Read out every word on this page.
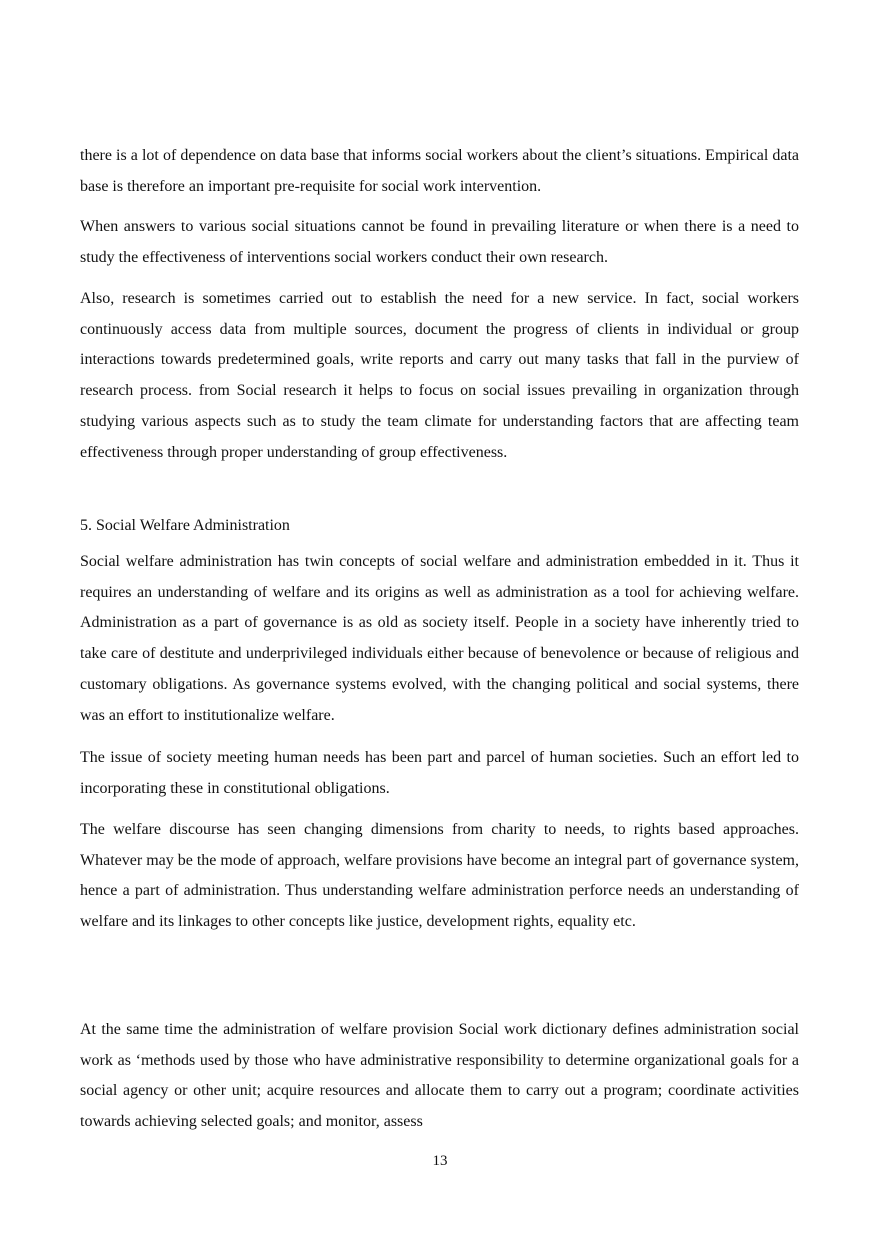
there is a lot of dependence on data base that informs social workers about the client’s situations. Empirical data base is therefore an important pre-requisite for social work intervention.

When answers to various social situations cannot be found in prevailing literature or when there is a need to study the effectiveness of interventions social workers conduct their own research.

Also, research is sometimes carried out to establish the need for a new service. In fact, social workers continuously access data from multiple sources, document the progress of clients in individual or group interactions towards predetermined goals, write reports and carry out many tasks that fall in the purview of research process. from Social research it helps to focus on social issues prevailing in organization through studying various aspects such as to study the team climate for understanding factors that are affecting team effectiveness through proper understanding of group effectiveness.

5. Social Welfare Administration

Social welfare administration has twin concepts of social welfare and administration embedded in it. Thus it requires an understanding of welfare and its origins as well as administration as a tool for achieving welfare. Administration as a part of governance is as old as society itself. People in a society have inherently tried to take care of destitute and underprivileged individuals either because of benevolence or because of religious and customary obligations. As governance systems evolved, with the changing political and social systems, there was an effort to institutionalize welfare.

The issue of society meeting human needs has been part and parcel of human societies. Such an effort led to incorporating these in constitutional obligations.

The welfare discourse has seen changing dimensions from charity to needs, to rights based approaches. Whatever may be the mode of approach, welfare provisions have become an integral part of governance system, hence a part of administration. Thus understanding welfare administration perforce needs an understanding of welfare and its linkages to other concepts like justice, development rights, equality etc.

At the same time the administration of welfare provision Social work dictionary defines administration social work as ‘methods used by those who have administrative responsibility to determine organizational goals for a social agency or other unit; acquire resources and allocate them to carry out a program; coordinate activities towards achieving selected goals; and monitor, assess

13
